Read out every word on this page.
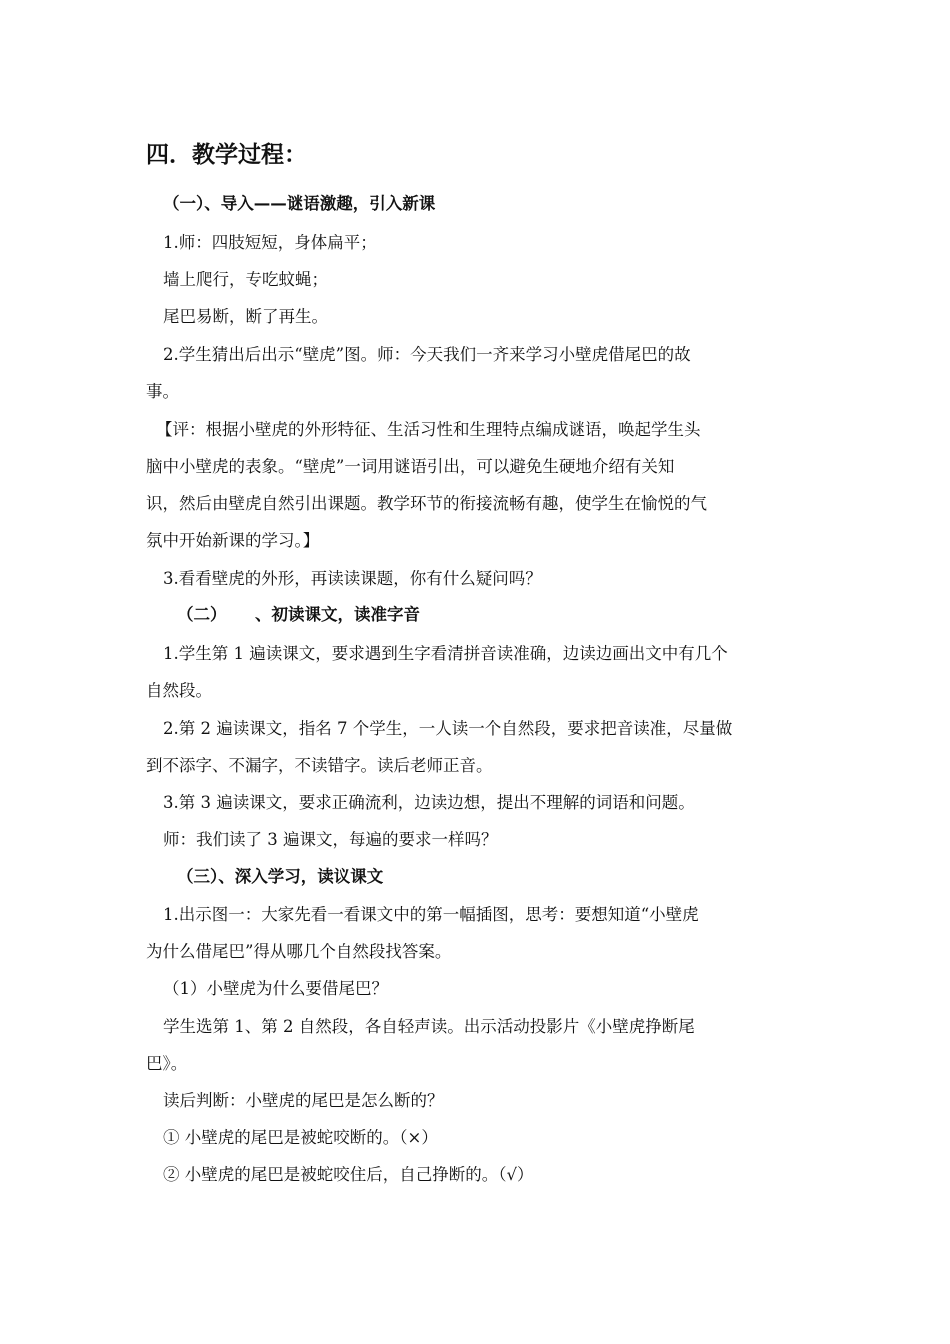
四．教学过程：
（一）、导入——谜语激趣，引入新课
1.师：四肢短短，身体扁平；
墙上爬行，专吃蚊蝇；
尾巴易断，断了再生。
2.学生猜出后出示“壁虎”图。师：今天我们一齐来学习小壁虎借尾巴的故
事。
【评：根据小壁虎的外形特征、生活习性和生理特点编成谜语，唤起学生头
脑中小壁虎的表象。“壁虎”一词用谜语引出，可以避免生硬地介绍有关知
识，然后由壁虎自然引出课题。教学环节的衔接流畅有趣，使学生在愉悦的气
氛中开始新课的学习。】
3.看看壁虎的外形，再读读课题，你有什么疑问吗？
（二） 、初读课文，读准字音
1.学生第 1 遍读课文，要求遇到生字看清拼音读准确，边读边画出文中有几个
自然段。
2.第 2 遍读课文，指名 7 个学生，一人读一个自然段，要求把音读准，尽量做
到不添字、不漏字，不读错字。读后老师正音。
3.第 3 遍读课文，要求正确流利，边读边想，提出不理解的词语和问题。
师：我们读了 3 遍课文，每遍的要求一样吗？
（三）、深入学习，读议课文
1.出示图一：大家先看一看课文中的第一幅插图，思考：要想知道“小壁虎
为什么借尾巴”得从哪几个自然段找答案。
（1）小壁虎为什么要借尾巴？
学生选第 1、第 2 自然段，各自轻声读。出示活动投影片《小壁虎挣断尾
巴》。
读后判断：小壁虎的尾巴是怎么断的？
① 小壁虎的尾巴是被蛇咬断的。（×）
② 小壁虎的尾巴是被蛇咬住后，自己挣断的。（√）
